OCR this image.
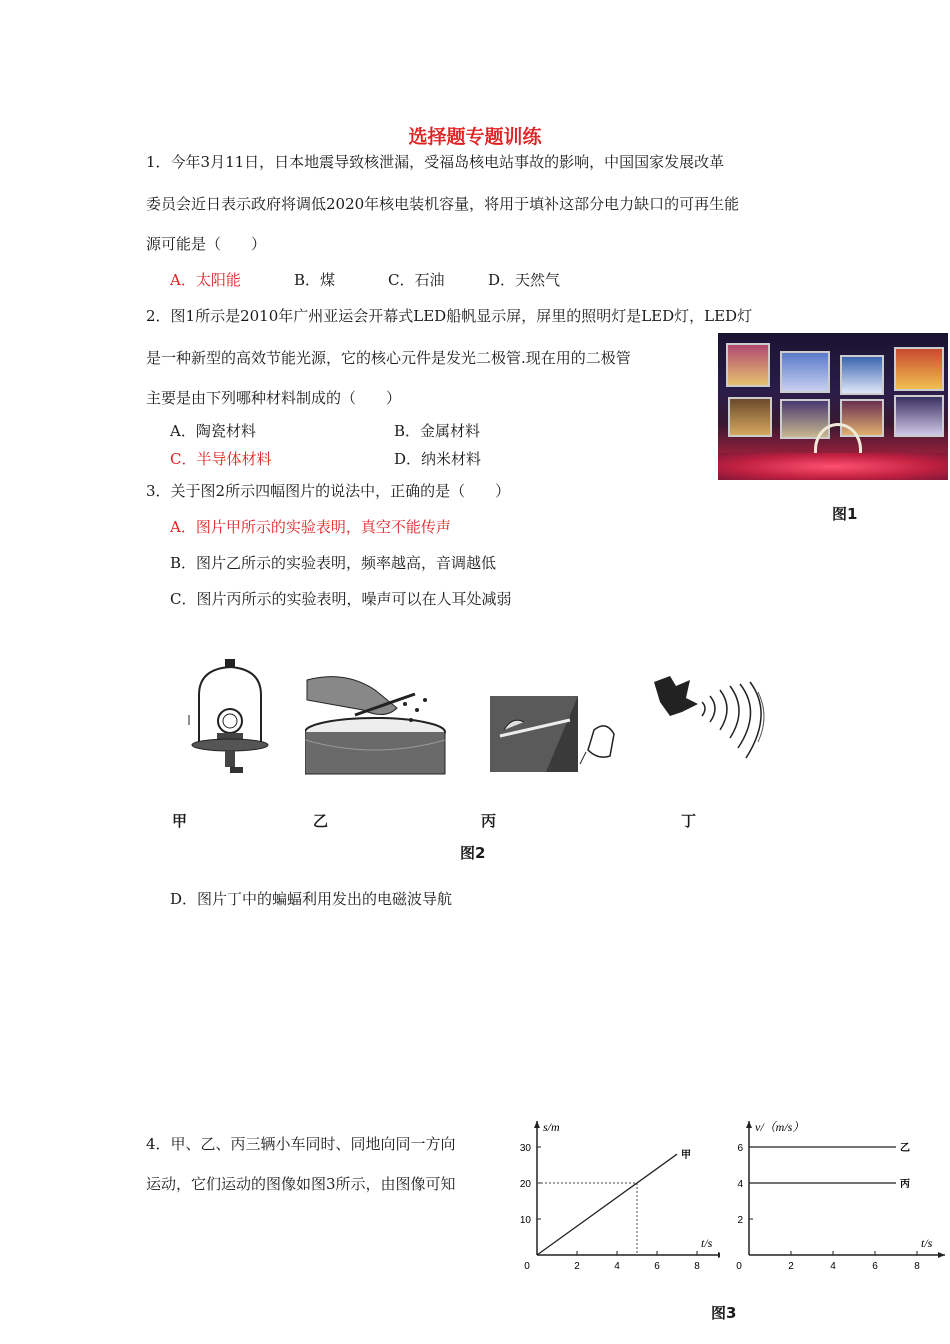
选择题专题训练
1．今年3月11日，日本地震导致核泄漏，受福岛核电站事故的影响，中国国家发展改革
委员会近日表示政府将调低2020年核电装机容量，将用于填补这部分电力缺口的可再生能
源可能是（　　）
A．太阳能	B．煤	C．石油	D．天然气
2．图1所示是2010年广州亚运会开幕式LED船帆显示屏，屏里的照明灯是LED灯，LED灯
是一种新型的高效节能光源，它的核心元件是发光二极管.现在用的二极管
主要是由下列哪种材料制成的（　　）
A．陶瓷材料	B．金属材料
C．半导体材料	D．纳米材料
图1
3．关于图2所示四幅图片的说法中，正确的是（　　）
A．图片甲所示的实验表明，真空不能传声
B．图片乙所示的实验表明，频率越高，音调越低
C．图片丙所示的实验表明，噪声可以在人耳处减弱
甲	乙	丙	丁
图2
D．图片丁中的蝙蝠利用发出的电磁波导航
4．甲、乙、丙三辆小车同时、同地向同一方向
运动，它们运动的图像如图3所示，由图像可知
0	2	4	6	8
10
20
30
s/m
t/s
甲
0	2	4	6	8
2
4
6
v/（m/s）
t/s
乙
丙
图3
